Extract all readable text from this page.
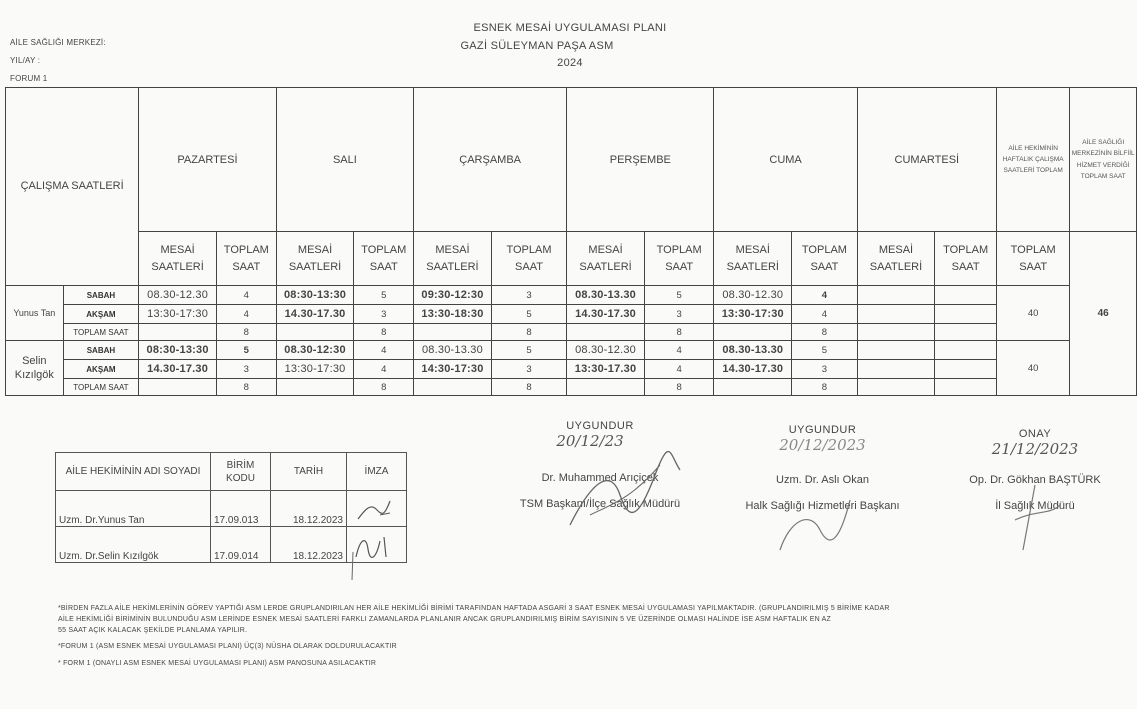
AİLE SAĞLIĞI MERKEZİ:
YIL/AY :
FORUM 1
ESNEK MESAİ UYGULAMASI PLANI
GAZİ SÜLEYMAN PAŞA ASM
2024
ÇALIŞMA SAATLERİ		PAZARTESİ		SALI		ÇARŞAMBA		PERŞEMBE		CUMA		CUMARTESİ		AİLE HEKİMİNİN HAFTALIK ÇALIŞMA SAATLERİ TOPLAM	AİLE SAĞLIĞI MERKEZİNİN BİLFİİL HİZMET VERDİĞİ TOPLAM SAAT
		MESAİ SAATLERİ	TOPLAM SAAT	MESAİ SAATLERİ	TOPLAM SAAT	MESAİ SAATLERİ	TOPLAM SAAT	MESAİ SAATLERİ	TOPLAM SAAT	MESAİ SAATLERİ	TOPLAM SAAT	MESAİ SAATLERİ	TOPLAM SAAT	TOPLAM SAAT	46
Yunus Tan	SABAH	08.30-12.30	4	08:30-13:30	5	09:30-12:30	3	08.30-13.30	5	08.30-12.30	4			40	
	AKŞAM	13:30-17:30	4	14.30-17.30	3	13:30-18:30	5	14.30-17.30	3	13:30-17:30	4				
	TOPLAM SAAT		8		8		8		8		8				
Selin Kızılgök	SABAH	08:30-13:30	5	08.30-12:30	4	08.30-13.30	5	08.30-12.30	4	08.30-13.30	5			40	
	AKŞAM	14.30-17.30	3	13:30-17:30	4	14:30-17:30	3	13:30-17.30	4	14.30-17.30	3				
	TOPLAM SAAT		8		8		8		8		8				
AİLE HEKİMİNİN ADI SOYADI	BİRİM KODU	TARİH	İMZA
Uzm. Dr.Yunus Tan	17.09.013	18.12.2023	
Uzm. Dr.Selin Kızılgök	17.09.014	18.12.2023	
UYGUNDUR
20/12/23
Dr. Muhammed Arıçiçek
TSM Başkanı/İlçe Sağlık Müdürü
UYGUNDUR
20/12/2023
Uzm. Dr. Aslı Okan
Halk Sağlığı Hizmetleri Başkanı
ONAY
21/12/2023
Op. Dr. Gökhan BAŞTÜRK
İl Sağlık Müdürü
*BİRDEN FAZLA AİLE HEKİMLERİNİN GÖREV YAPTIĞI ASM LERDE GRUPLANDIRILAN HER AİLE HEKİMLİĞİ BİRİMİ TARAFINDAN HAFTADA ASGARİ 3 SAAT ESNEK MESAİ UYGULAMASI YAPILMAKTADIR. (GRUPLANDIRILMIŞ 5 BİRİME KADAR
AİLE HEKİMLİĞİ BİRİMİNİN BULUNDUĞU ASM LERİNDE ESNEK MESAİ SAATLERİ FARKLI ZAMANLARDA PLANLANIR ANCAK GRUPLANDIRILMIŞ BİRİM SAYISININ 5 VE ÜZERİNDE OLMASI HALİNDE İSE ASM HAFTALIK EN AZ
55 SAAT AÇIK KALACAK ŞEKİLDE PLANLAMA YAPILIR.
*FORUM 1 (ASM ESNEK MESAİ UYGULAMASI PLANI) ÜÇ(3) NÜSHA OLARAK DOLDURULACAKTIR
* FORM 1 (ONAYLI ASM ESNEK MESAİ UYGULAMASI PLANI) ASM PANOSUNA ASILACAKTIR
